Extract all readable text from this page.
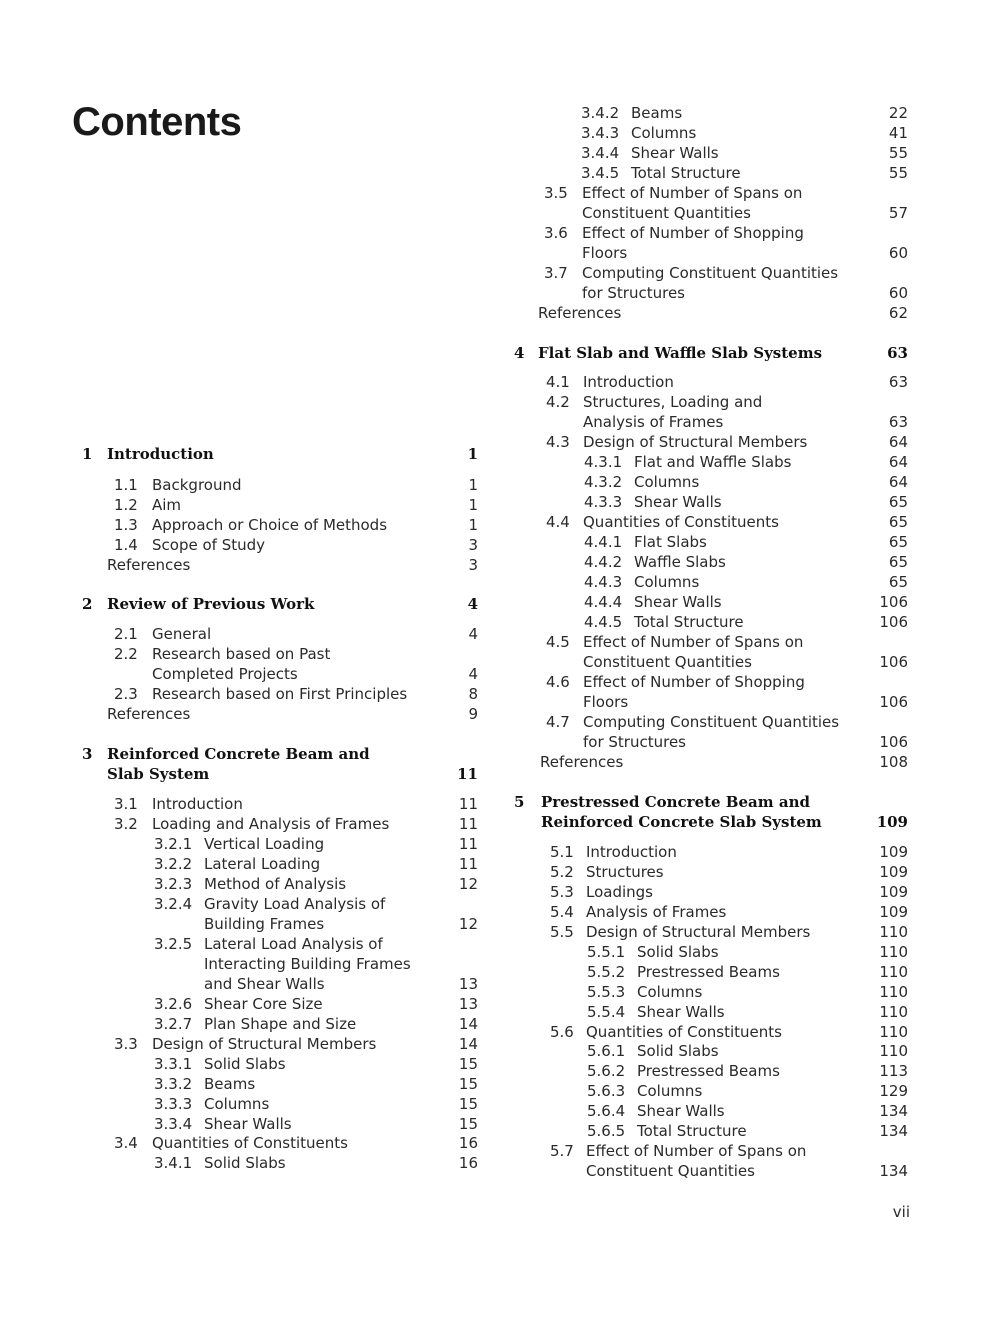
Contents
1 Introduction	1
1.1 Background	1
1.2 Aim	1
1.3 Approach or Choice of Methods	1
1.4 Scope of Study	3
References	3
2 Review of Previous Work	4
2.1 General	4
2.2 Research based on Past
Completed Projects	4
2.3 Research based on First Principles	8
References	9
3 Reinforced Concrete Beam and
Slab System	11
3.1 Introduction	11
3.2 Loading and Analysis of Frames	11
3.2.1 Vertical Loading	11
3.2.2 Lateral Loading	11
3.2.3 Method of Analysis	12
3.2.4 Gravity Load Analysis of
Building Frames	12
3.2.5 Lateral Load Analysis of
Interacting Building Frames
and Shear Walls	13
3.2.6 Shear Core Size	13
3.2.7 Plan Shape and Size	14
3.3 Design of Structural Members	14
3.3.1 Solid Slabs	15
3.3.2 Beams	15
3.3.3 Columns	15
3.3.4 Shear Walls	15
3.4 Quantities of Constituents	16
3.4.1 Solid Slabs	16
3.4.2 Beams	22
3.4.3 Columns	41
3.4.4 Shear Walls	55
3.4.5 Total Structure	55
3.5 Effect of Number of Spans on
Constituent Quantities	57
3.6 Effect of Number of Shopping
Floors	60
3.7 Computing Constituent Quantities
for Structures	60
References	62
4 Flat Slab and Waffle Slab Systems	63
4.1 Introduction	63
4.2 Structures, Loading and
Analysis of Frames	63
4.3 Design of Structural Members	64
4.3.1 Flat and Waffle Slabs	64
4.3.2 Columns	64
4.3.3 Shear Walls	65
4.4 Quantities of Constituents	65
4.4.1 Flat Slabs	65
4.4.2 Waffle Slabs	65
4.4.3 Columns	65
4.4.4 Shear Walls	106
4.4.5 Total Structure	106
4.5 Effect of Number of Spans on
Constituent Quantities	106
4.6 Effect of Number of Shopping
Floors	106
4.7 Computing Constituent Quantities
for Structures	106
References	108
5 Prestressed Concrete Beam and
Reinforced Concrete Slab System	109
5.1 Introduction	109
5.2 Structures	109
5.3 Loadings	109
5.4 Analysis of Frames	109
5.5 Design of Structural Members	110
5.5.1 Solid Slabs	110
5.5.2 Prestressed Beams	110
5.5.3 Columns	110
5.5.4 Shear Walls	110
5.6 Quantities of Constituents	110
5.6.1 Solid Slabs	110
5.6.2 Prestressed Beams	113
5.6.3 Columns	129
5.6.4 Shear Walls	134
5.6.5 Total Structure	134
5.7 Effect of Number of Spans on
Constituent Quantities	134
vii
